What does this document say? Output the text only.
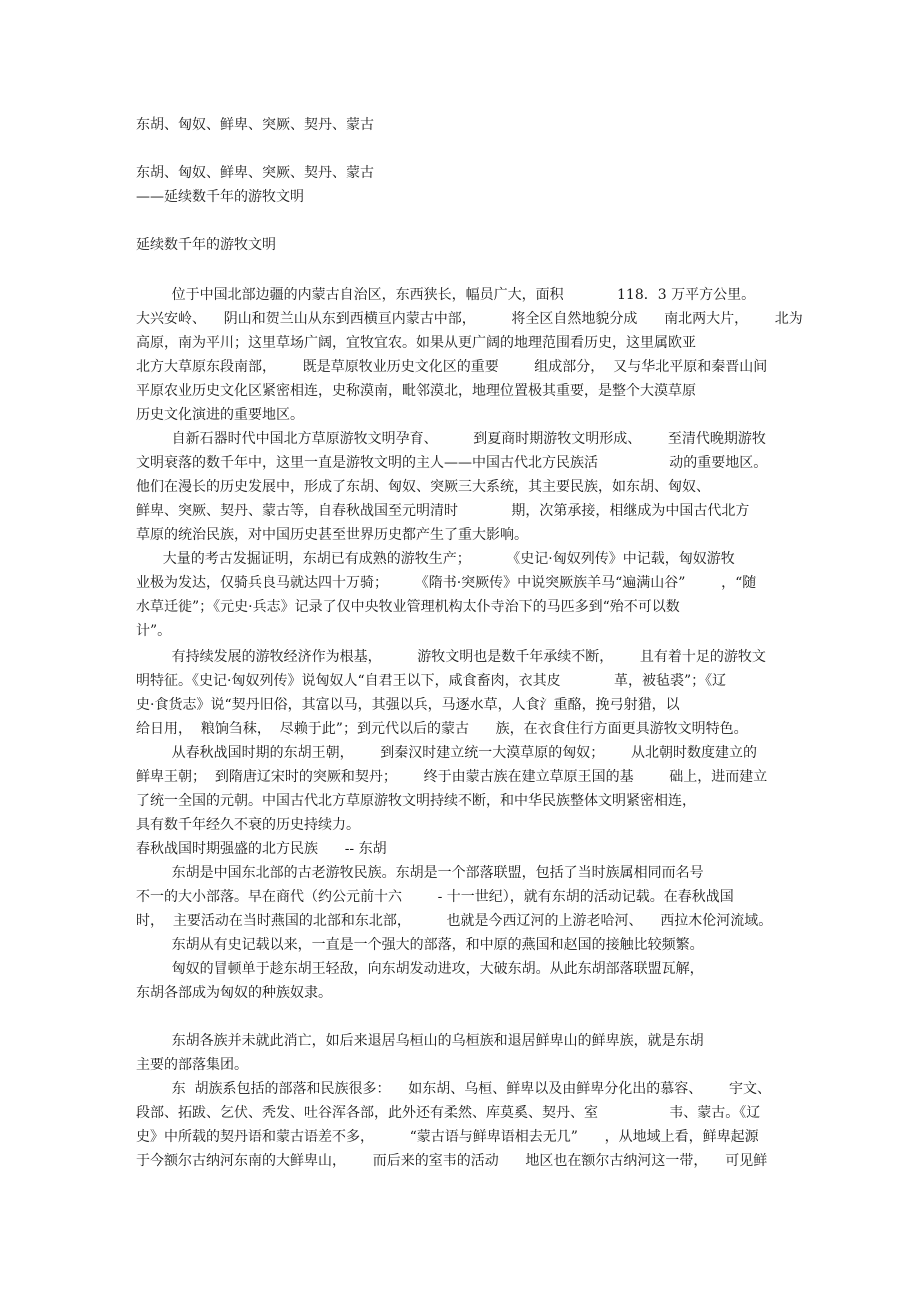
东胡、匈奴、鲜卑、突厥、契丹、蒙古
东胡、匈奴、鲜卑、突厥、契丹、蒙古
——延续数千年的游牧文明
延续数千年的游牧文明
位于中国北部边疆的内蒙古自治区，东西狭长，幅员广大，面积            118．3 万平方公里。
大兴安岭、    阴山和贺兰山从东到西横亘内蒙古中部，        将全区自然地貌分成      南北两大片，      北为
高原，南为平川；这里草场广阔，宜牧宜农。如果从更广阔的地理范围看历史，这里属欧亚
北方大草原东段南部，      既是草原牧业历史文化区的重要        组成部分，  又与华北平原和秦晋山间
平原农业历史文化区紧密相连，史称漠南，毗邻漠北，地理位置极其重要，是整个大漠草原
历史文化演进的重要地区。
自新石器时代中国北方草原游牧文明孕育、        到夏商时期游牧文明形成、      至清代晚期游牧
文明衰落的数千年中，这里一直是游牧文明的主人——中国古代北方民族活                动的重要地区。
他们在漫长的历史发展中，形成了东胡、匈奴、突厥三大系统，其主要民族，如东胡、匈奴、
鲜卑、突厥、契丹、蒙古等，自春秋战国至元明清时            期，次第承接，相继成为中国古代北方
草原的统治民族，对中国历史甚至世界历史都产生了重大影响。
大量的考古发掘证明，东胡已有成熟的游牧生产；        《史记·匈奴列传》中记载，匈奴游牧
业极为发达，仅骑兵良马就达四十万骑；      《隋书·突厥传》中说突厥族羊马“遍满山谷”        ，“随
水草迁徙”；《元史·兵志》记录了仅中央牧业管理机构太仆寺治下的马匹多到“殆不可以数
计”。
有持续发展的游牧经济作为根基，        游牧文明也是数千年承续不断，      且有着十足的游牧文
明特征。《史记·匈奴列传》说匈奴人“自君王以下，咸食畜肉，衣其皮            革，被毡裘”；《辽
史·食货志》说“契丹旧俗，其富以马，其强以兵，马逐水草，人食氵重酪，挽弓射猎，以
给日用，  粮饷刍秣，  尽赖于此”；到元代以后的蒙古      族，在衣食住行方面更具游牧文明特色。
从春秋战国时期的东胡王朝，      到秦汉时建立统一大漠草原的匈奴；      从北朝时数度建立的
鲜卑王朝；  到隋唐辽宋时的突厥和契丹；      终于由蒙古族在建立草原王国的基        础上，进而建立
了统一全国的元朝。中国古代北方草原游牧文明持续不断，和中华民族整体文明紧密相连，
具有数千年经久不衰的历史持续力。
春秋战国时期强盛的北方民族      -- 东胡
东胡是中国东北部的古老游牧民族。东胡是一个部落联盟，包括了当时族属相同而名号
不一的大小部落。早在商代（约公元前十六        - 十一世纪），就有东胡的活动记载。在春秋战国
时，  主要活动在当时燕国的北部和东北部，        也就是今西辽河的上游老哈河、    西拉木伦河流域。
东胡从有史记载以来，一直是一个强大的部落，和中原的燕国和赵国的接触比较频繁。
匈奴的冒顿单于趁东胡王轻敌，向东胡发动进攻，大破东胡。从此东胡部落联盟瓦解，
东胡各部成为匈奴的种族奴隶。
东胡各族并未就此消亡，如后来退居乌桓山的乌桓族和退居鲜卑山的鲜卑族，就是东胡
主要的部落集团。
东  胡族系包括的部落和民族很多：    如东胡、乌桓、鲜卑以及由鲜卑分化出的慕容、      宇文、
段部、拓跋、乞伏、秃发、吐谷浑各部，此外还有柔然、库莫奚、契丹、室                韦、蒙古。《辽
史》中所载的契丹语和蒙古语差不多，        “蒙古语与鲜卑语相去无几”      ，从地域上看，鲜卑起源
于今额尔古纳河东南的大鲜卑山，      而后来的室韦的活动      地区也在额尔古纳河这一带，    可见鲜
